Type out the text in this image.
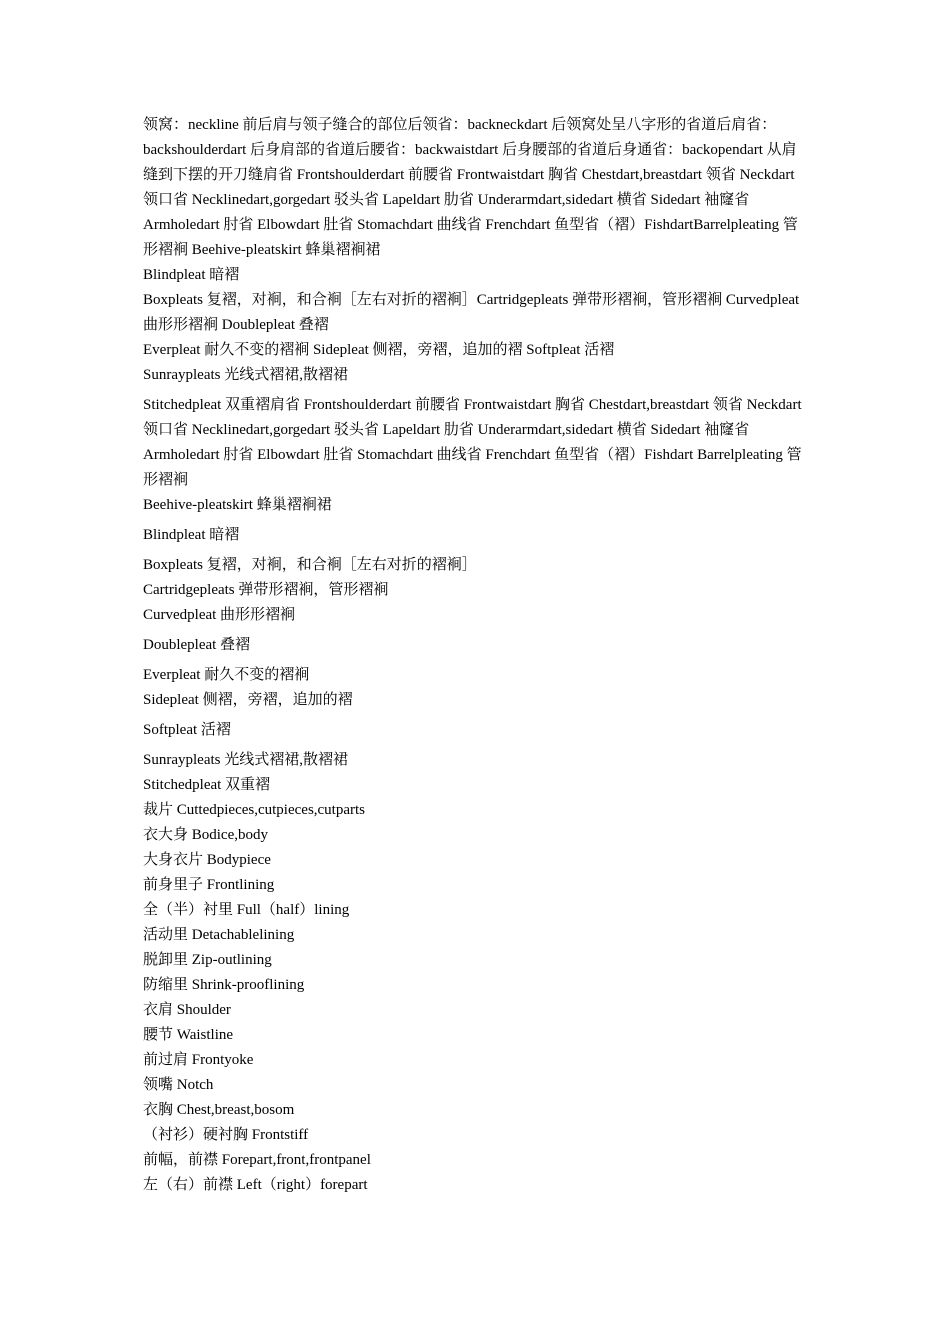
领窝：neckline 前后肩与领子缝合的部位后领省：backneckdart 后领窝处呈八字形的省道后肩省：backshoulderdart 后身肩部的省道后腰省：backwaistdart 后身腰部的省道后身通省：backopendart 从肩缝到下摆的开刀缝肩省 Frontshoulderdart 前腰省 Frontwaistdart 胸省 Chestdart,breastdart 领省 Neckdart 领口省 Necklinedart,gorgedart 驳头省 Lapeldart 肋省 Underarmdart,sidedart 横省 Sidedart 袖窿省 Armholedart 肘省 Elbowdart 肚省 Stomachdart 曲线省 Frenchdart 鱼型省（褶）FishdartBarrelpleating 管形褶裥 Beehive-pleatskirt 蜂巢褶裥裙

Blindpleat 暗褶

Boxpleats 复褶，对裥，和合裥［左右对折的褶裥］Cartridgepleats 弹带形褶裥，管形褶裥 Curvedpleat 曲形形褶裥 Doublepleat 叠褶

Everpleat 耐久不变的褶裥 Sidepleat 侧褶，旁褶，追加的褶 Softpleat 活褶

Sunraypleats 光线式褶裙,散褶裙

Stitchedpleat 双重褶肩省 Frontshoulderdart 前腰省 Frontwaistdart 胸省 Chestdart,breastdart 领省 Neckdart 领口省 Necklinedart,gorgedart 驳头省 Lapeldart 肋省 Underarmdart,sidedart 横省 Sidedart 袖窿省 Armholedart 肘省 Elbowdart 肚省 Stomachdart 曲线省 Frenchdart 鱼型省（褶）Fishdart Barrelpleating 管形褶裥

Beehive-pleatskirt 蜂巢褶裥裙

Blindpleat 暗褶

Boxpleats 复褶，对裥，和合裥［左右对折的褶裥］

Cartridgepleats 弹带形褶裥，管形褶裥

Curvedpleat 曲形形褶裥

Doublepleat 叠褶

Everpleat 耐久不变的褶裥

Sidepleat 侧褶，旁褶，追加的褶

Softpleat 活褶

Sunraypleats 光线式褶裙,散褶裙

Stitchedpleat 双重褶

裁片 Cuttedpieces,cutpieces,cutparts

衣大身 Bodice,body

大身衣片 Bodypiece

前身里子 Frontlining

全（半）衬里 Full（half）lining

活动里 Detachablelining

脱卸里 Zip-outlining

防缩里 Shrink-prooflining

衣肩 Shoulder

腰节 Waistline

前过肩 Frontyoke

领嘴 Notch

衣胸 Chest,breast,bosom

（衬衫）硬衬胸 Frontstiff

前幅，前襟 Forepart,front,frontpanel

左（右）前襟 Left（right）forepart
